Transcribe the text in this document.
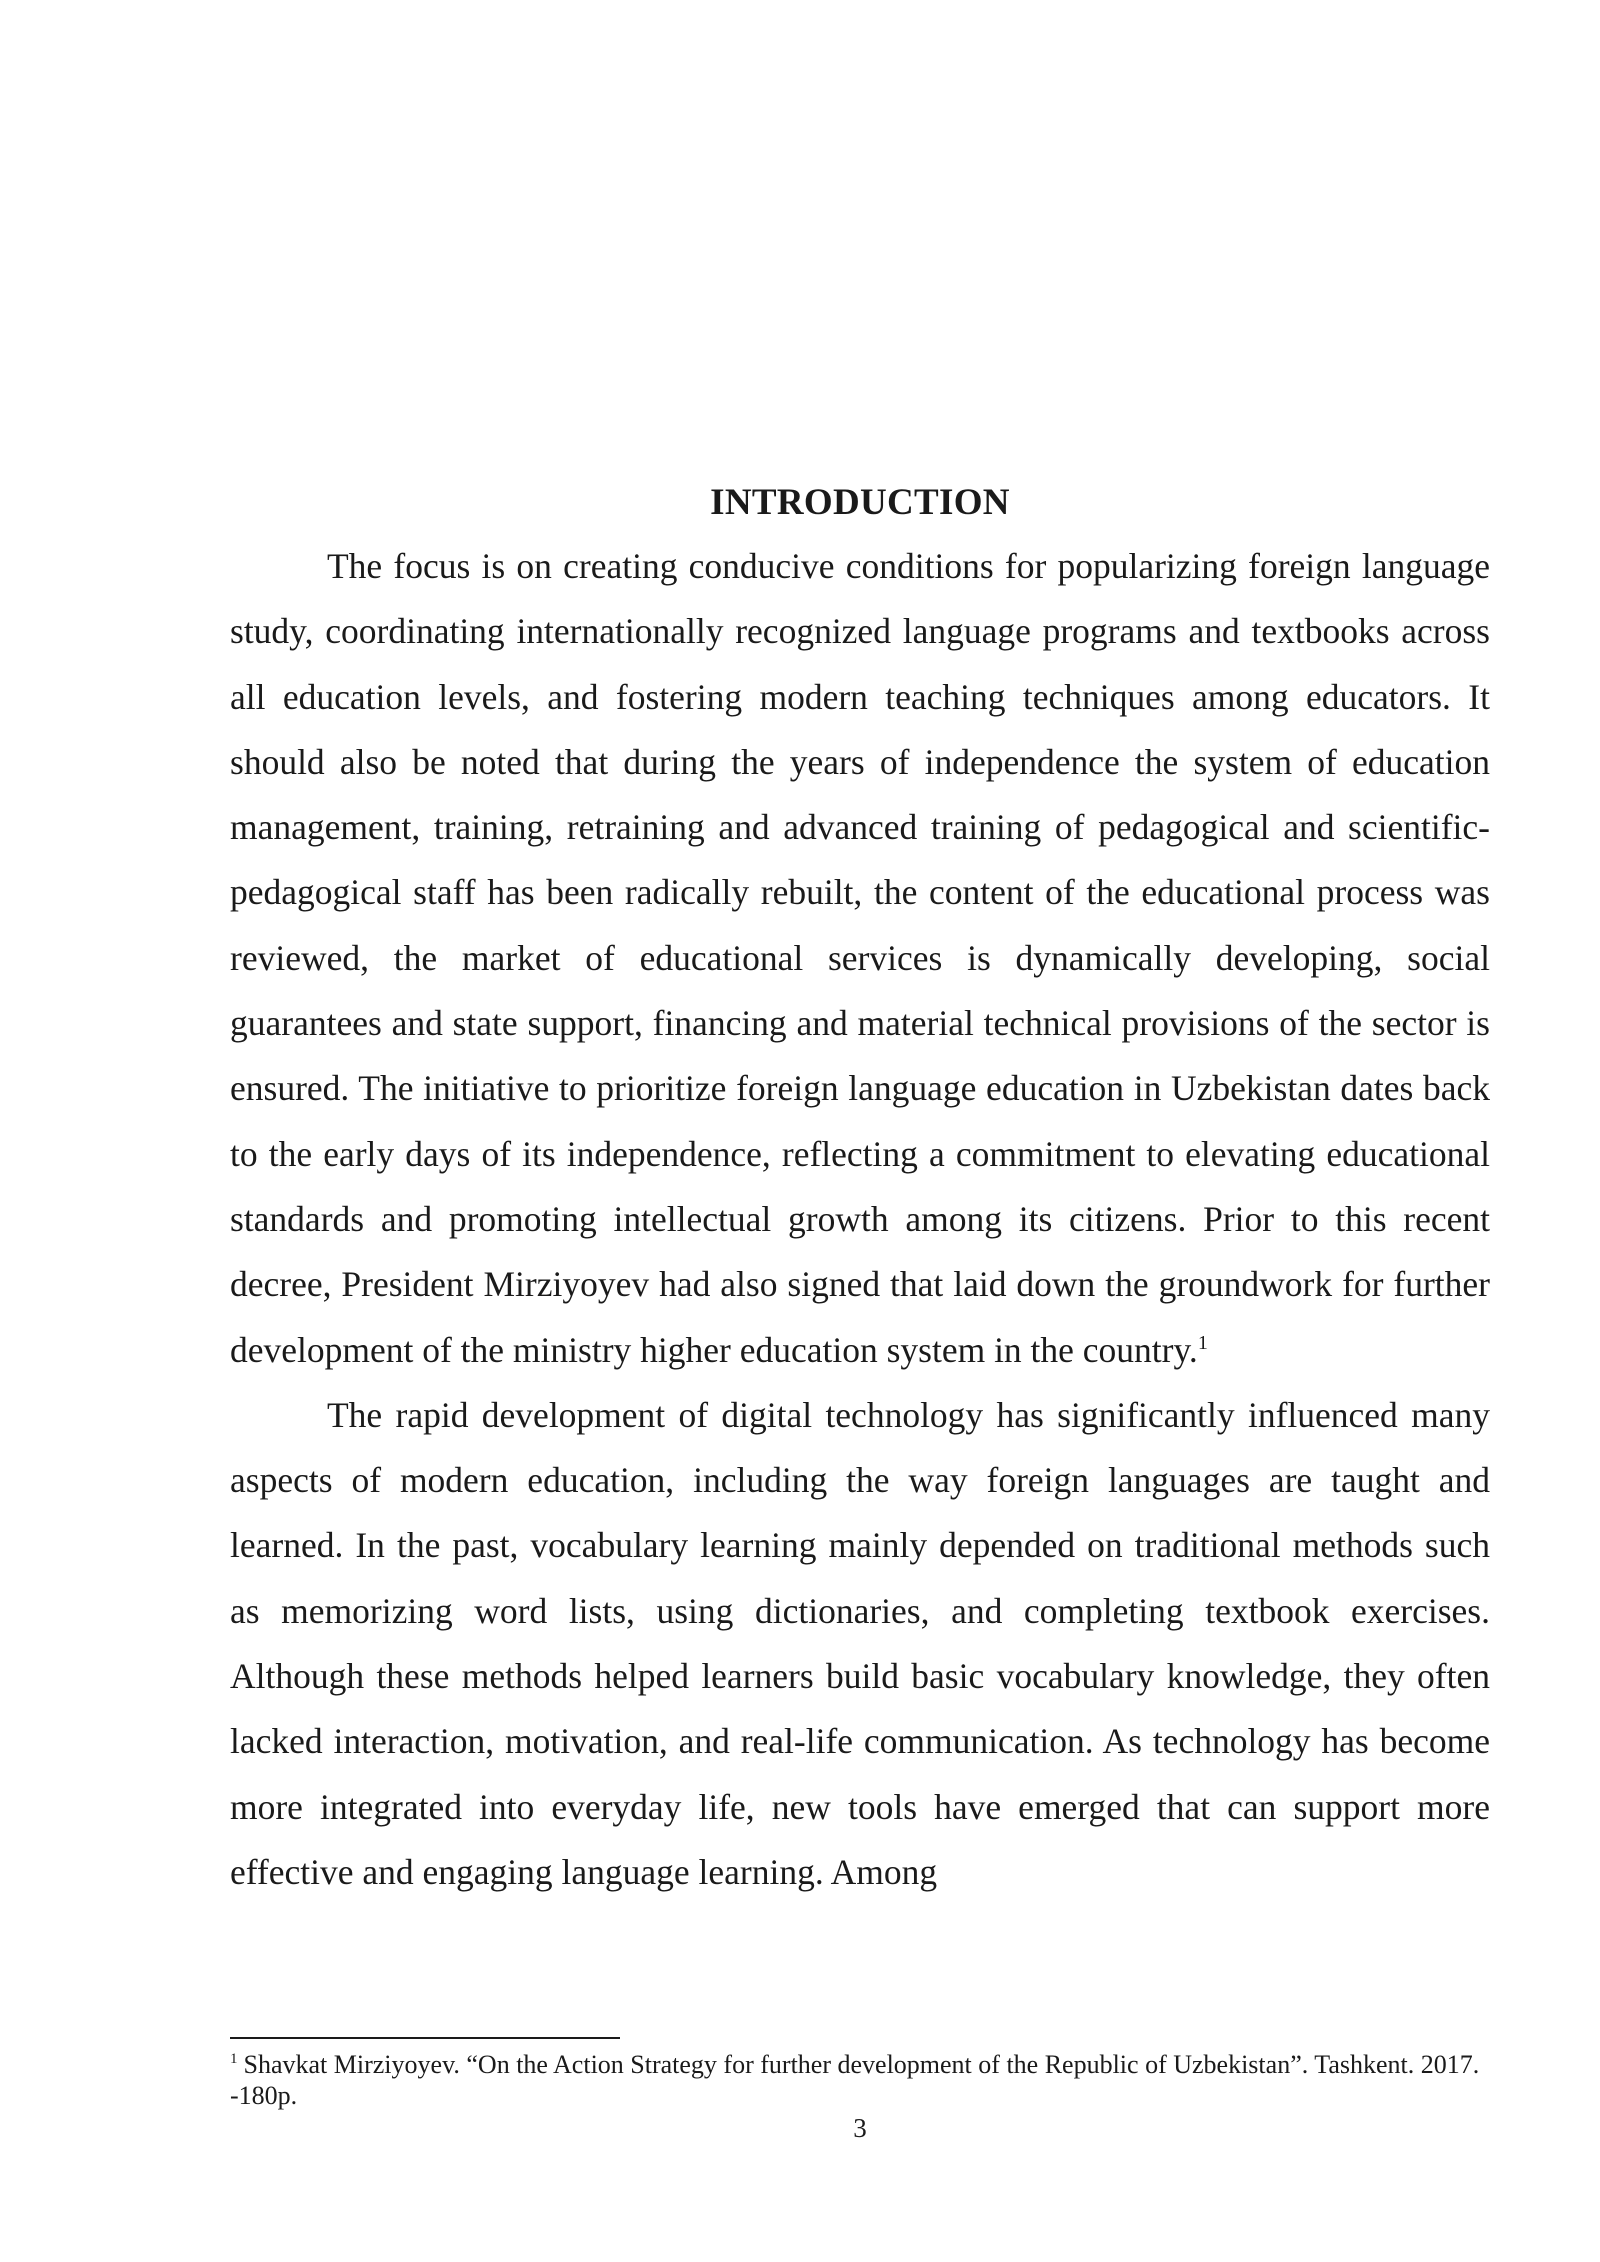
INTRODUCTION

The focus is on creating conducive conditions for popularizing foreign language study, coordinating internationally recognized language programs and textbooks across all education levels, and fostering modern teaching techniques among educators. It should also be noted that during the years of independence the system of education management, training, retraining and advanced training of pedagogical and scientific-pedagogical staff has been radically rebuilt, the content of the educational process was reviewed, the market of educational services is dynamically developing, social guarantees and state support, financing and material technical provisions of the sector is ensured. The initiative to prioritize foreign language education in Uzbekistan dates back to the early days of its independence, reflecting a commitment to elevating educational standards and promoting intellectual growth among its citizens. Prior to this recent decree, President Mirziyoyev had also signed that laid down the groundwork for further development of the ministry higher education system in the country.$^1$

The rapid development of digital technology has significantly influenced many aspects of modern education, including the way foreign languages are taught and learned. In the past, vocabulary learning mainly depended on traditional methods such as memorizing word lists, using dictionaries, and completing textbook exercises. Although these methods helped learners build basic vocabulary knowledge, they often lacked interaction, motivation, and real-life communication. As technology has become more integrated into everyday life, new tools have emerged that can support more effective and engaging language learning. Among

$^1$ Shavkat Mirziyoyev. “On the Action Strategy for further development of the Republic of Uzbekistan”. Tashkent. 2017. -180p.

3
